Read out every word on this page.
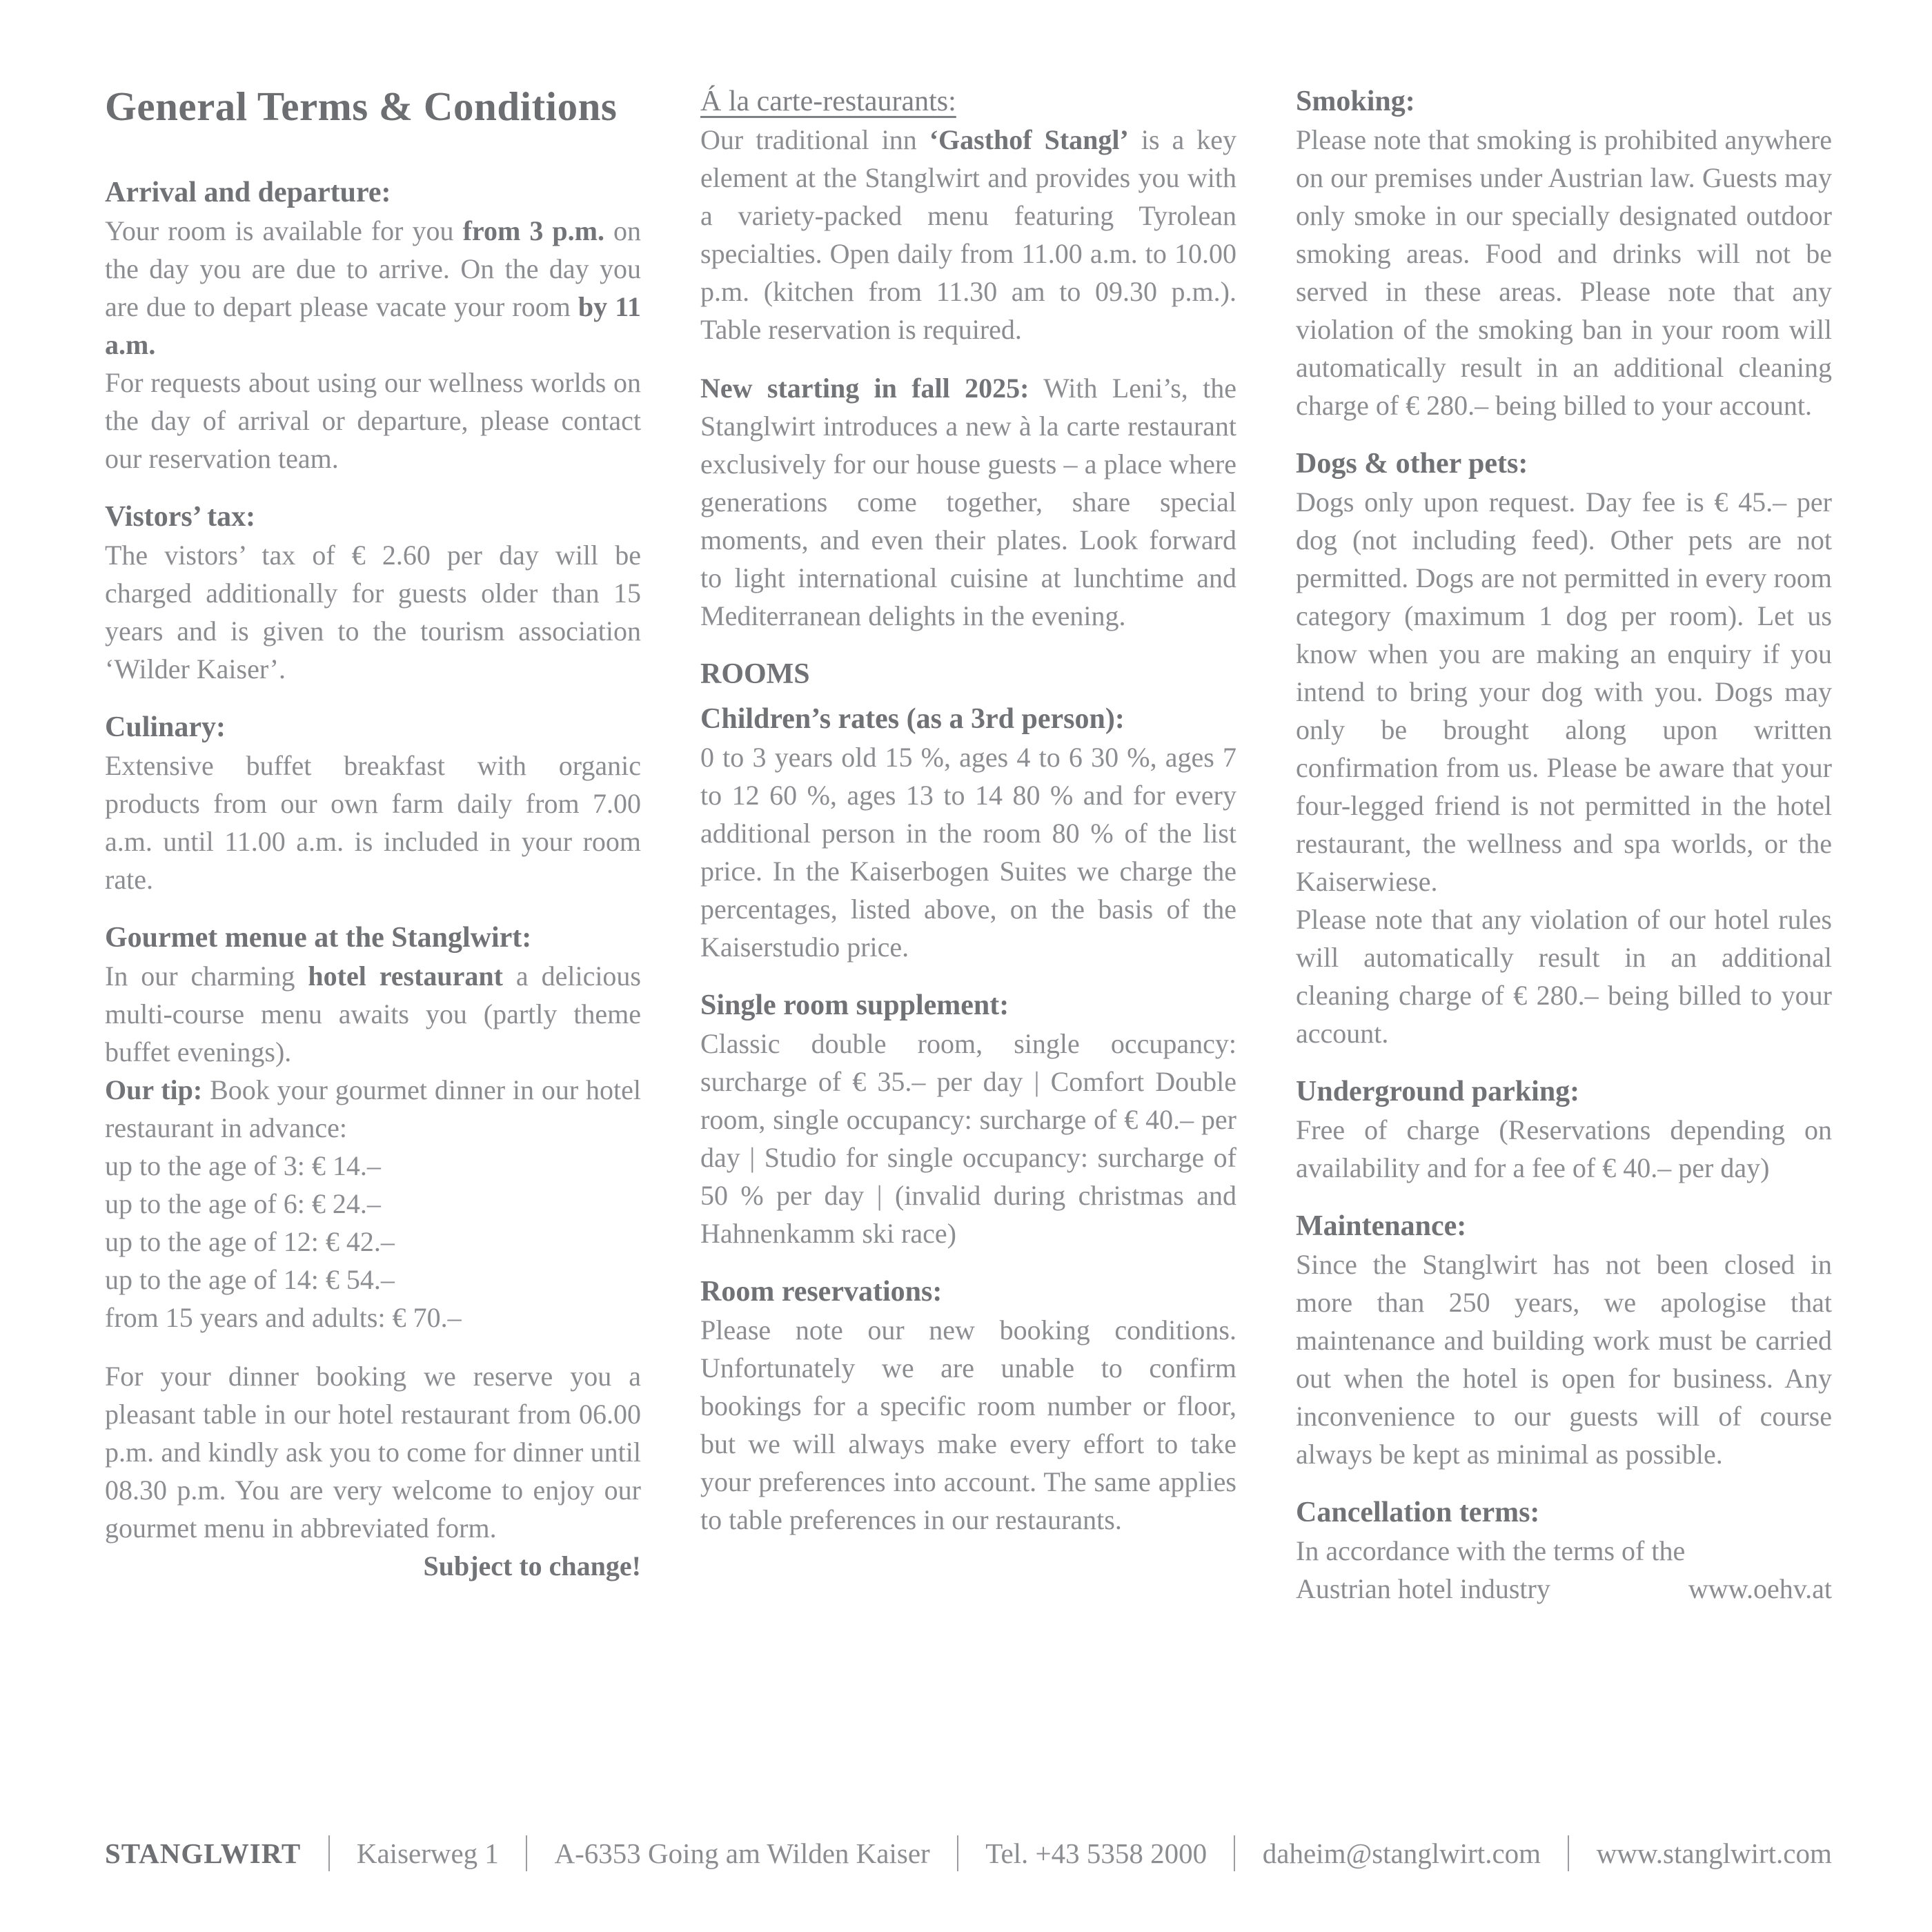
General Terms & Conditions
Arrival and departure:

Your room is available for you from 3 p.m. on the day you are due to arrive. On the day you are due to depart please vacate your room by 11 a.m.

For requests about using our wellness worlds on the day of arrival or departure, please contact our reservation team.

Vistors’ tax:

The vistors’ tax of € 2.60 per day will be charged additionally for guests older than 15 years and is given to the tourism association ‘Wilder Kaiser’.

Culinary:

Extensive buffet breakfast with organic products from our own farm daily from 7.00 a.m. until 11.00 a.m. is included in your room rate.

Gourmet menue at the Stanglwirt:

In our charming hotel restaurant a delicious multi-course menu awaits you (partly theme buffet evenings).

Our tip: Book your gourmet dinner in our hotel restaurant in advance:

up to the age of 3: € 14.–
up to the age of 6: € 24.–
up to the age of 12: € 42.–
up to the age of 14: € 54.–
from 15 years and adults: € 70.–

For your dinner booking we reserve you a pleasant table in our hotel restaurant from 06.00 p.m. and kindly ask you to come for dinner until 08.30 p.m. You are very welcome to enjoy our gourmet menu in abbreviated form.
Subject to change!

Á la carte-restaurants:

Our traditional inn ‘Gasthof Stangl’ is a key element at the Stanglwirt and provides you with a variety-packed menu featuring Tyrolean specialties. Open daily from 11.00 a.m. to 10.00 p.m. (kitchen from 11.30 am to 09.30 p.m.). Table reservation is required.

New starting in fall 2025: With Leni’s, the Stanglwirt introduces a new à la carte restaurant exclusively for our house guests – a place where generations come together, share special moments, and even their plates. Look forward to light international cuisine at lunchtime and Mediterranean delights in the evening.

ROOMS
Children’s rates (as a 3rd person):

0 to 3 years old 15 %, ages 4 to 6 30 %, ages 7 to 12 60 %, ages 13 to 14 80 % and for every additional person in the room 80 % of the list price. In the Kaiserbogen Suites we charge the percentages, listed above, on the basis of the Kaiserstudio price.

Single room supplement:

Classic double room, single occupancy: surcharge of € 35.– per day | Comfort Double room, single occupancy: surcharge of € 40.– per day | Studio for single occupancy: surcharge of 50 % per day | (invalid during christmas and Hahnenkamm ski race)

Room reservations:

Please note our new booking conditions. Unfortunately we are unable to confirm bookings for a specific room number or floor, but we will always make every effort to take your preferences into account. The same applies to table preferences in our restaurants.

Smoking:

Please note that smoking is prohibited anywhere on our premises under Austrian law. Guests may only smoke in our specially designated outdoor smoking areas. Food and drinks will not be served in these areas. Please note that any violation of the smoking ban in your room will automatically result in an additional cleaning charge of € 280.– being billed to your account.

Dogs & other pets:

Dogs only upon request. Day fee is € 45.– per dog (not including feed). Other pets are not permitted. Dogs are not permitted in every room category (maximum 1 dog per room). Let us know when you are making an enquiry if you intend to bring your dog with you. Dogs may only be brought along upon written confirmation from us. Please be aware that your four-legged friend is not permitted in the hotel restaurant, the wellness and spa worlds, or the Kaiserwiese.

Please note that any violation of our hotel rules will automatically result in an additional cleaning charge of € 280.– being billed to your account.

Underground parking:

Free of charge (Reservations depending on availability and for a fee of € 40.– per day)

Maintenance:

Since the Stanglwirt has not been closed in more than 250 years, we apologise that maintenance and building work must be carried out when the hotel is open for business. Any inconvenience to our guests will of course always be kept as minimal as possible.

Cancellation terms:
In accordance with the terms of the
Austrian hotel industry	www.oehv.at
STANGLWIRT Kaiserweg 1 A-6353 Going am Wilden Kaiser Tel. +43 5358 2000 daheim@stanglwirt.com www.stanglwirt.com
